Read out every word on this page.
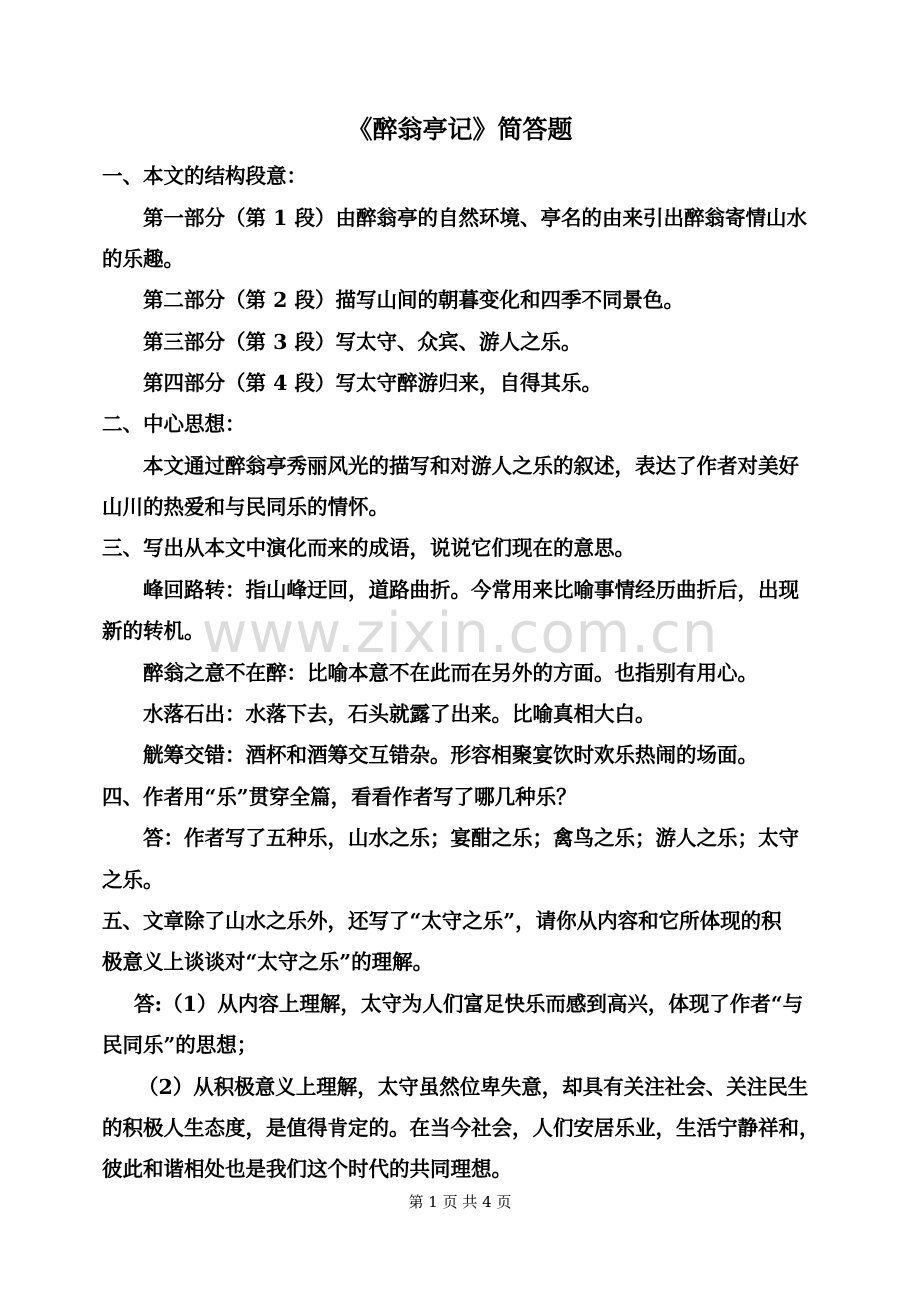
《醉翁亭记》简答题
一、本文的结构段意：
第一部分（第 1 段）由醉翁亭的自然环境、亭名的由来引出醉翁寄情山水
的乐趣。
第二部分（第 2 段）描写山间的朝暮变化和四季不同景色。
第三部分（第 3 段）写太守、众宾、游人之乐。
第四部分（第 4 段）写太守醉游归来，自得其乐。
二、中心思想：
本文通过醉翁亭秀丽风光的描写和对游人之乐的叙述，表达了作者对美好
山川的热爱和与民同乐的情怀。
三、写出从本文中演化而来的成语，说说它们现在的意思。
峰回路转：指山峰迂回，道路曲折。今常用来比喻事情经历曲折后，出现
新的转机。
醉翁之意不在醉：比喻本意不在此而在另外的方面。也指别有用心。
水落石出：水落下去，石头就露了出来。比喻真相大白。
觥筹交错：酒杯和酒筹交互错杂。形容相聚宴饮时欢乐热闹的场面。
四、作者用“乐”贯穿全篇，看看作者写了哪几种乐？
答：作者写了五种乐，山水之乐；宴酣之乐；禽鸟之乐；游人之乐；太守
之乐。
五、文章除了山水之乐外，还写了“太守之乐”，请你从内容和它所体现的积
极意义上谈谈对“太守之乐”的理解。
答:（1）从内容上理解，太守为人们富足快乐而感到高兴，体现了作者“与
民同乐”的思想；
（2）从积极意义上理解，太守虽然位卑失意，却具有关注社会、关注民生
的积极人生态度，是值得肯定的。在当今社会，人们安居乐业，生活宁静祥和，
彼此和谐相处也是我们这个时代的共同理想。
www.zixin.com.cn
第 1 页 共 4 页
